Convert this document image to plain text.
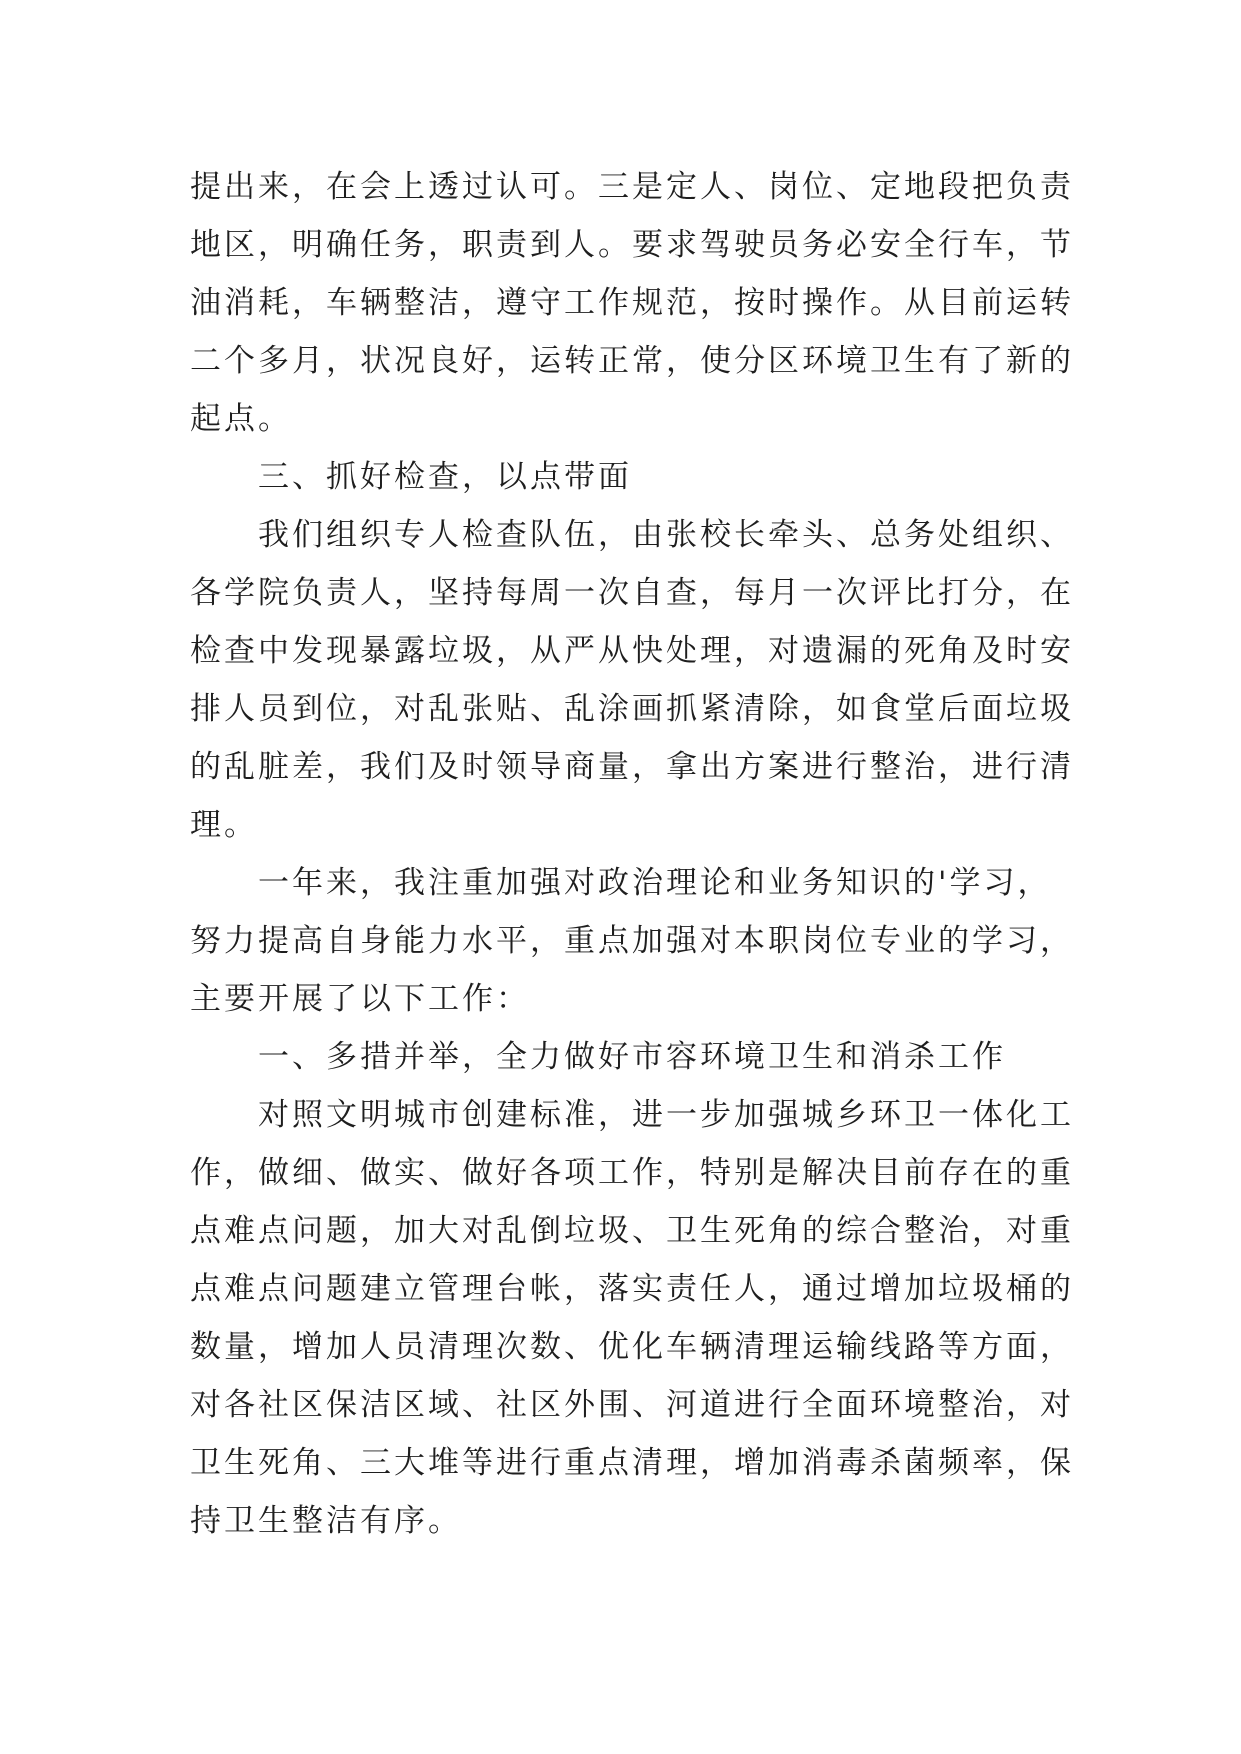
提出来，在会上透过认可。三是定人、岗位、定地段把负责
地区，明确任务，职责到人。要求驾驶员务必安全行车，节
油消耗，车辆整洁，遵守工作规范，按时操作。从目前运转
二个多月，状况良好，运转正常，使分区环境卫生有了新的
起点。
三、抓好检查，以点带面
我们组织专人检查队伍，由张校长牵头、总务处组织、
各学院负责人，坚持每周一次自查，每月一次评比打分，在
检查中发现暴露垃圾，从严从快处理，对遗漏的死角及时安
排人员到位，对乱张贴、乱涂画抓紧清除，如食堂后面垃圾
的乱脏差，我们及时领导商量，拿出方案进行整治，进行清
理。
一年来，我注重加强对政治理论和业务知识的'学习，
努力提高自身能力水平，重点加强对本职岗位专业的学习，
主要开展了以下工作：
一、多措并举，全力做好市容环境卫生和消杀工作
对照文明城市创建标准，进一步加强城乡环卫一体化工
作，做细、做实、做好各项工作，特别是解决目前存在的重
点难点问题，加大对乱倒垃圾、卫生死角的综合整治，对重
点难点问题建立管理台帐，落实责任人，通过增加垃圾桶的
数量，增加人员清理次数、优化车辆清理运输线路等方面，
对各社区保洁区域、社区外围、河道进行全面环境整治，对
卫生死角、三大堆等进行重点清理，增加消毒杀菌频率，保
持卫生整洁有序。
